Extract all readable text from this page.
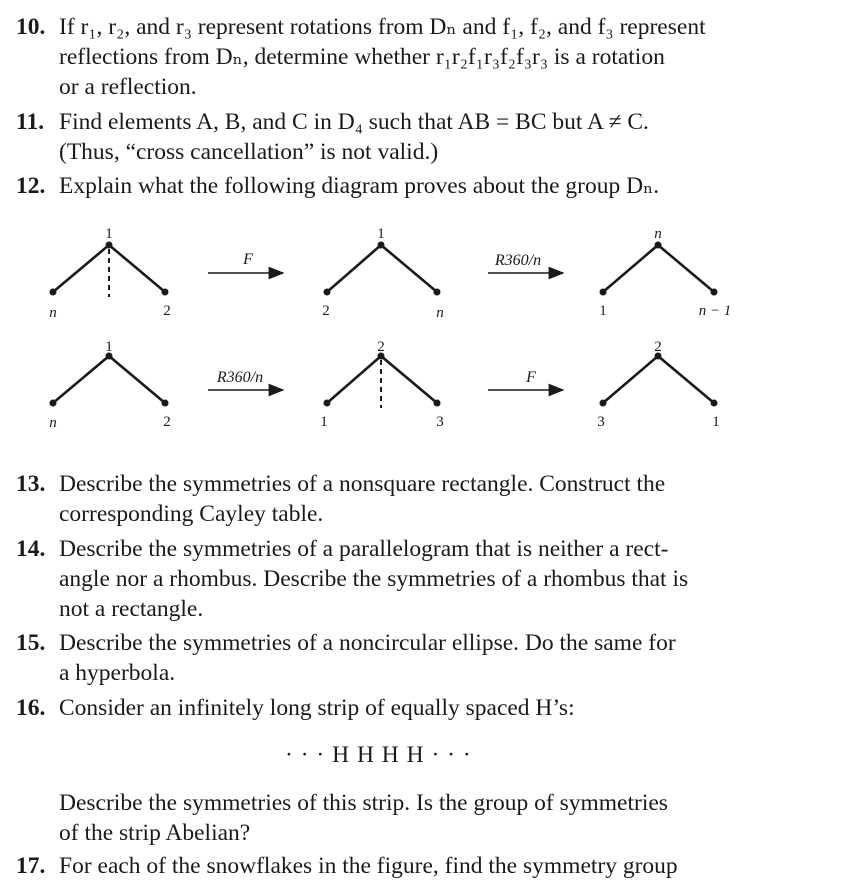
10. If r₁, r₂, and r₃ represent rotations from Dₙ and f₁, f₂, and f₃ represent
reflections from Dₙ, determine whether r₁r₂f₁r₃f₂f₃r₃ is a rotation
or a reflection.
11. Find elements A, B, and C in D₄ such that AB = BC but A ≠ C.
(Thus, “cross cancellation” is not valid.)
12. Explain what the following diagram proves about the group Dₙ.
1
n	2
1
2	n
n
1	n − 1
1
n	2
2
1	3
2
3	1
F	R360/n
R360/n	F
13. Describe the symmetries of a nonsquare rectangle. Construct the
corresponding Cayley table.
14. Describe the symmetries of a parallelogram that is neither a rect-
angle nor a rhombus. Describe the symmetries of a rhombus that is
not a rectangle.
15. Describe the symmetries of a noncircular ellipse. Do the same for
a hyperbola.
16. Consider an infinitely long strip of equally spaced H’s:
· · · H H H H · · ·
Describe the symmetries of this strip. Is the group of symmetries
of the strip Abelian?
17. For each of the snowflakes in the figure, find the symmetry group
